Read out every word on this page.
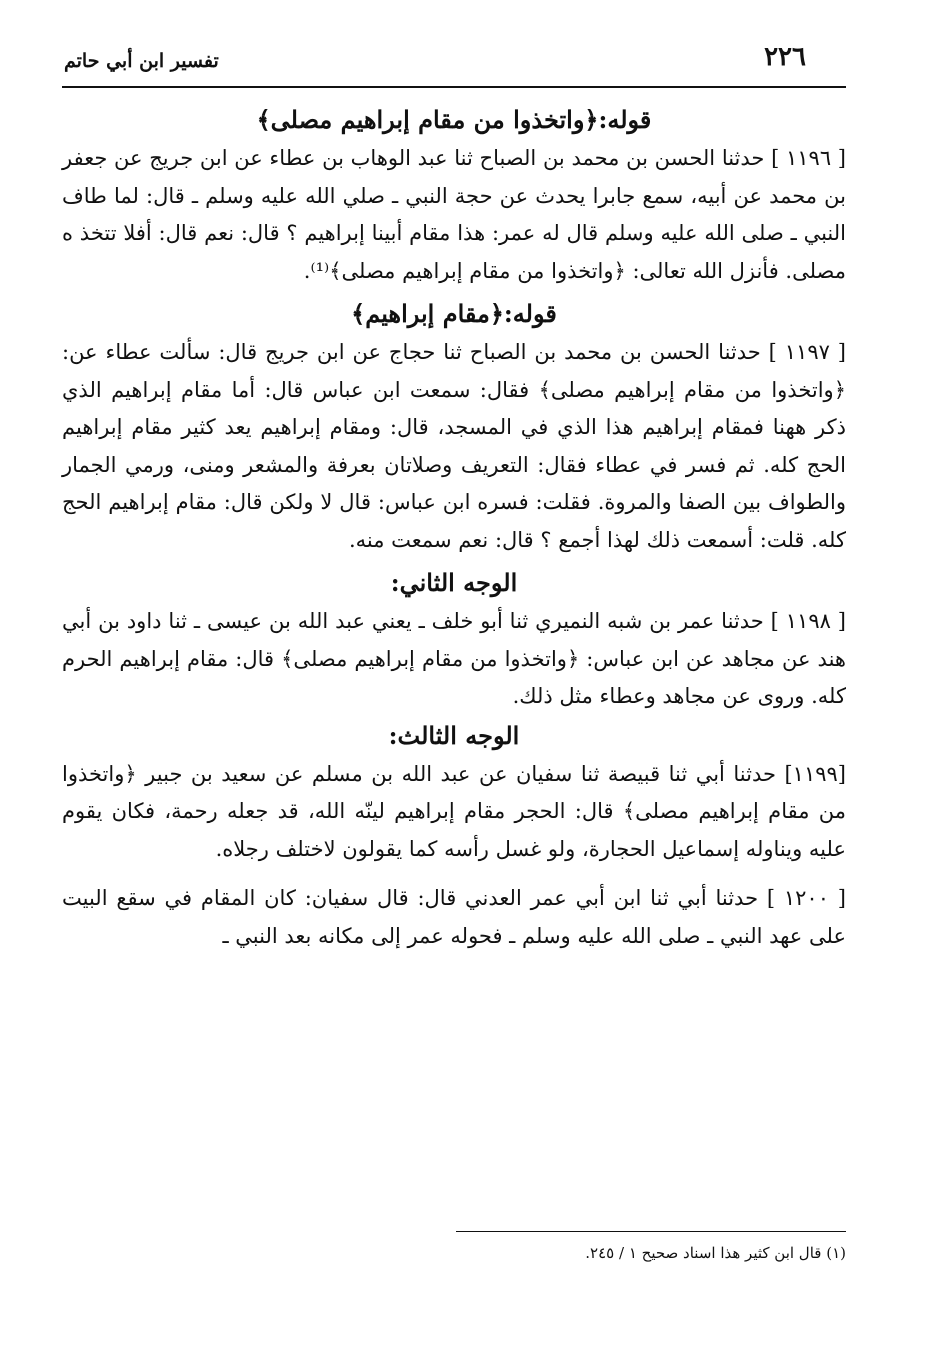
٢٢٦
تفسير ابن أبي حاتم
قوله:﴿واتخذوا من مقام إبراهيم مصلى﴾

[ ١١٩٦ ] حدثنا الحسن بن محمد بن الصباح ثنا عبد الوهاب بن عطاء عن ابن جريج عن جعفر بن محمد عن أبيه، سمع جابرا يحدث عن حجة النبي ـ صلي الله عليه وسلم ـ قال: لما طاف النبي ـ صلى الله عليه وسلم قال له عمر: هذا مقام أبينا إبراهيم ؟ قال: نعم قال: أفلا تتخذ ه مصلى. فأنزل الله تعالى: ﴿واتخذوا من مقام إبراهيم مصلى﴾⁽¹⁾.

قوله:﴿مقام إبراهيم﴾

[ ١١٩٧ ] حدثنا الحسن بن محمد بن الصباح ثنا حجاج عن ابن جريج قال: سألت عطاء عن: ﴿واتخذوا من مقام إبراهيم مصلى﴾ فقال: سمعت ابن عباس قال: أما مقام إبراهيم الذي ذكر ههنا فمقام إبراهيم هذا الذي في المسجد، قال: ومقام إبراهيم يعد كثير مقام إبراهيم الحج كله. ثم فسر في عطاء فقال: التعريف وصلاتان بعرفة والمشعر ومنى، ورمي الجمار والطواف بين الصفا والمروة. فقلت: فسره ابن عباس: قال لا ولكن قال: مقام إبراهيم الحج كله. قلت: أسمعت ذلك لهذا أجمع ؟ قال: نعم سمعت منه.

الوجه الثاني:

[ ١١٩٨ ] حدثنا عمر بن شبه النميري ثنا أبو خلف ـ يعني عبد الله بن عيسى ـ ثنا داود بن أبي هند عن مجاهد عن ابن عباس: ﴿واتخذوا من مقام إبراهيم مصلى﴾ قال: مقام إبراهيم الحرم كله. وروى عن مجاهد وعطاء مثل ذلك.

الوجه الثالث:

[١١٩٩] حدثنا أبي ثنا قبيصة ثنا سفيان عن عبد الله بن مسلم عن سعيد بن جبير ﴿واتخذوا من مقام إبراهيم مصلى﴾ قال: الحجر مقام إبراهيم لينّه الله، قد جعله رحمة، فكان يقوم عليه ويناوله إسماعيل الحجارة، ولو غسل رأسه كما يقولون لاختلف رجلاه.

[ ١٢٠٠ ] حدثنا أبي ثنا ابن أبي عمر العدني قال: قال سفيان: كان المقام في سقع البيت على عهد النبي ـ صلى الله عليه وسلم ـ فحوله عمر إلى مكانه بعد النبي ـ

(١) قال ابن كثير هذا اسناد صحيح ١ / ٢٤٥.
